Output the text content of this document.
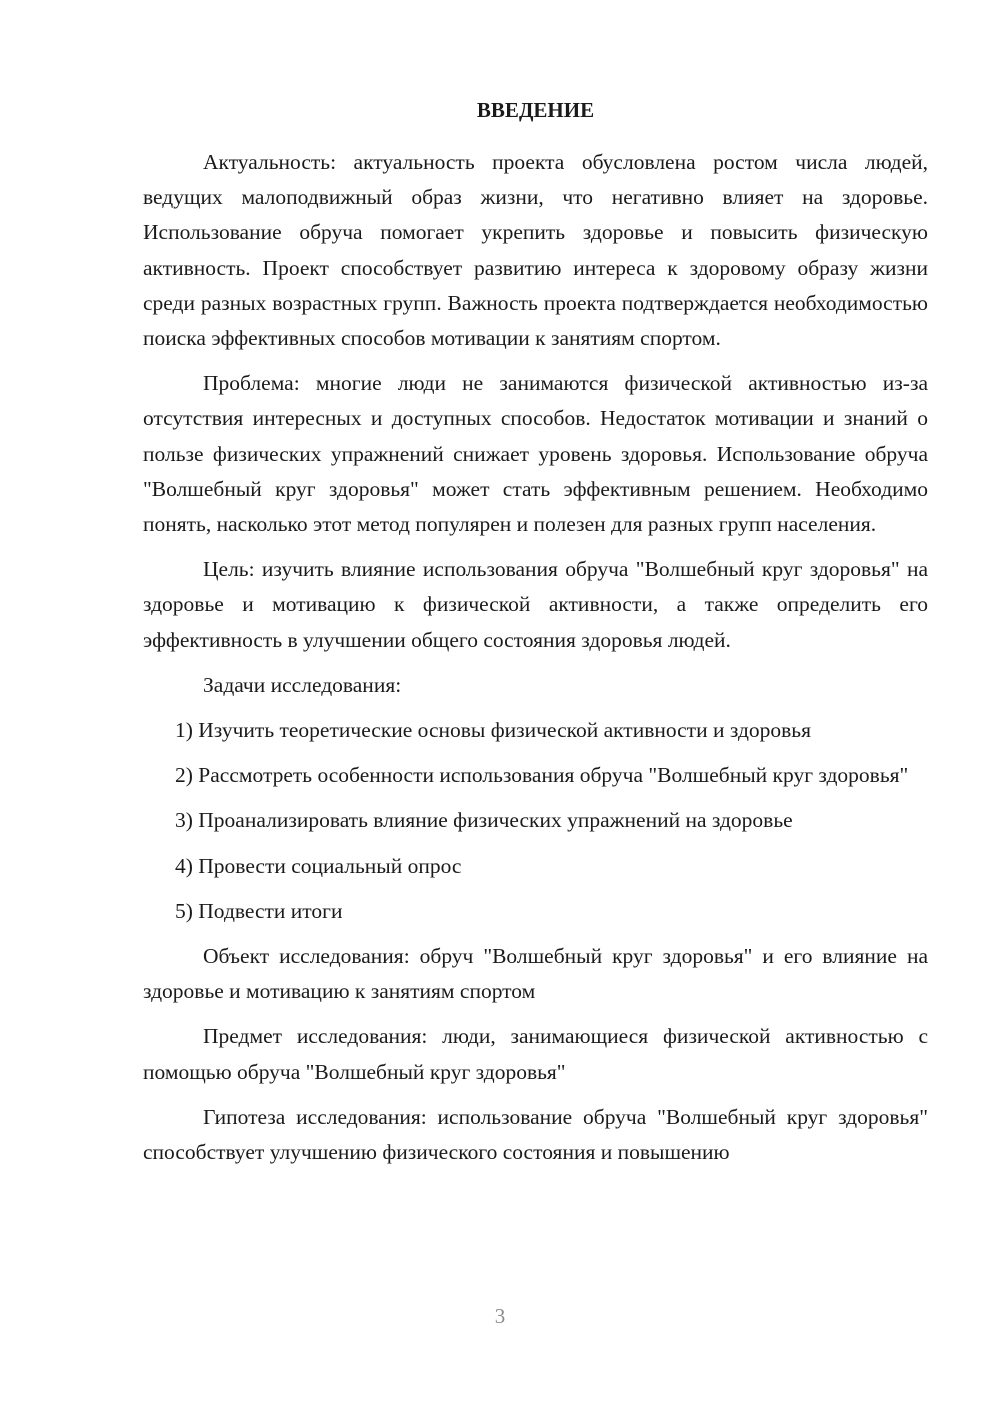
ВВЕДЕНИЕ

Актуальность: актуальность проекта обусловлена ростом числа людей, ведущих малоподвижный образ жизни, что негативно влияет на здоровье. Использование обруча помогает укрепить здоровье и повысить физическую активность. Проект способствует развитию интереса к здоровому образу жизни среди разных возрастных групп. Важность проекта подтверждается необходимостью поиска эффективных способов мотивации к занятиям спортом.

Проблема: многие люди не занимаются физической активностью из-за отсутствия интересных и доступных способов. Недостаток мотивации и знаний о пользе физических упражнений снижает уровень здоровья. Использование обруча "Волшебный круг здоровья" может стать эффективным решением. Необходимо понять, насколько этот метод популярен и полезен для разных групп населения.

Цель: изучить влияние использования обруча "Волшебный круг здоровья" на здоровье и мотивацию к физической активности, а также определить его эффективность в улучшении общего состояния здоровья людей.

Задачи исследования:

1) Изучить теоретические основы физической активности и здоровья

2) Рассмотреть особенности использования обруча "Волшебный круг здоровья"

3) Проанализировать влияние физических упражнений на здоровье

4) Провести социальный опрос

5) Подвести итоги

Объект исследования: обруч "Волшебный круг здоровья" и его влияние на здоровье и мотивацию к занятиям спортом

Предмет исследования: люди, занимающиеся физической активностью с помощью обруча "Волшебный круг здоровья"

Гипотеза исследования: использование обруча "Волшебный круг здоровья" способствует улучшению физического состояния и повышению

3
